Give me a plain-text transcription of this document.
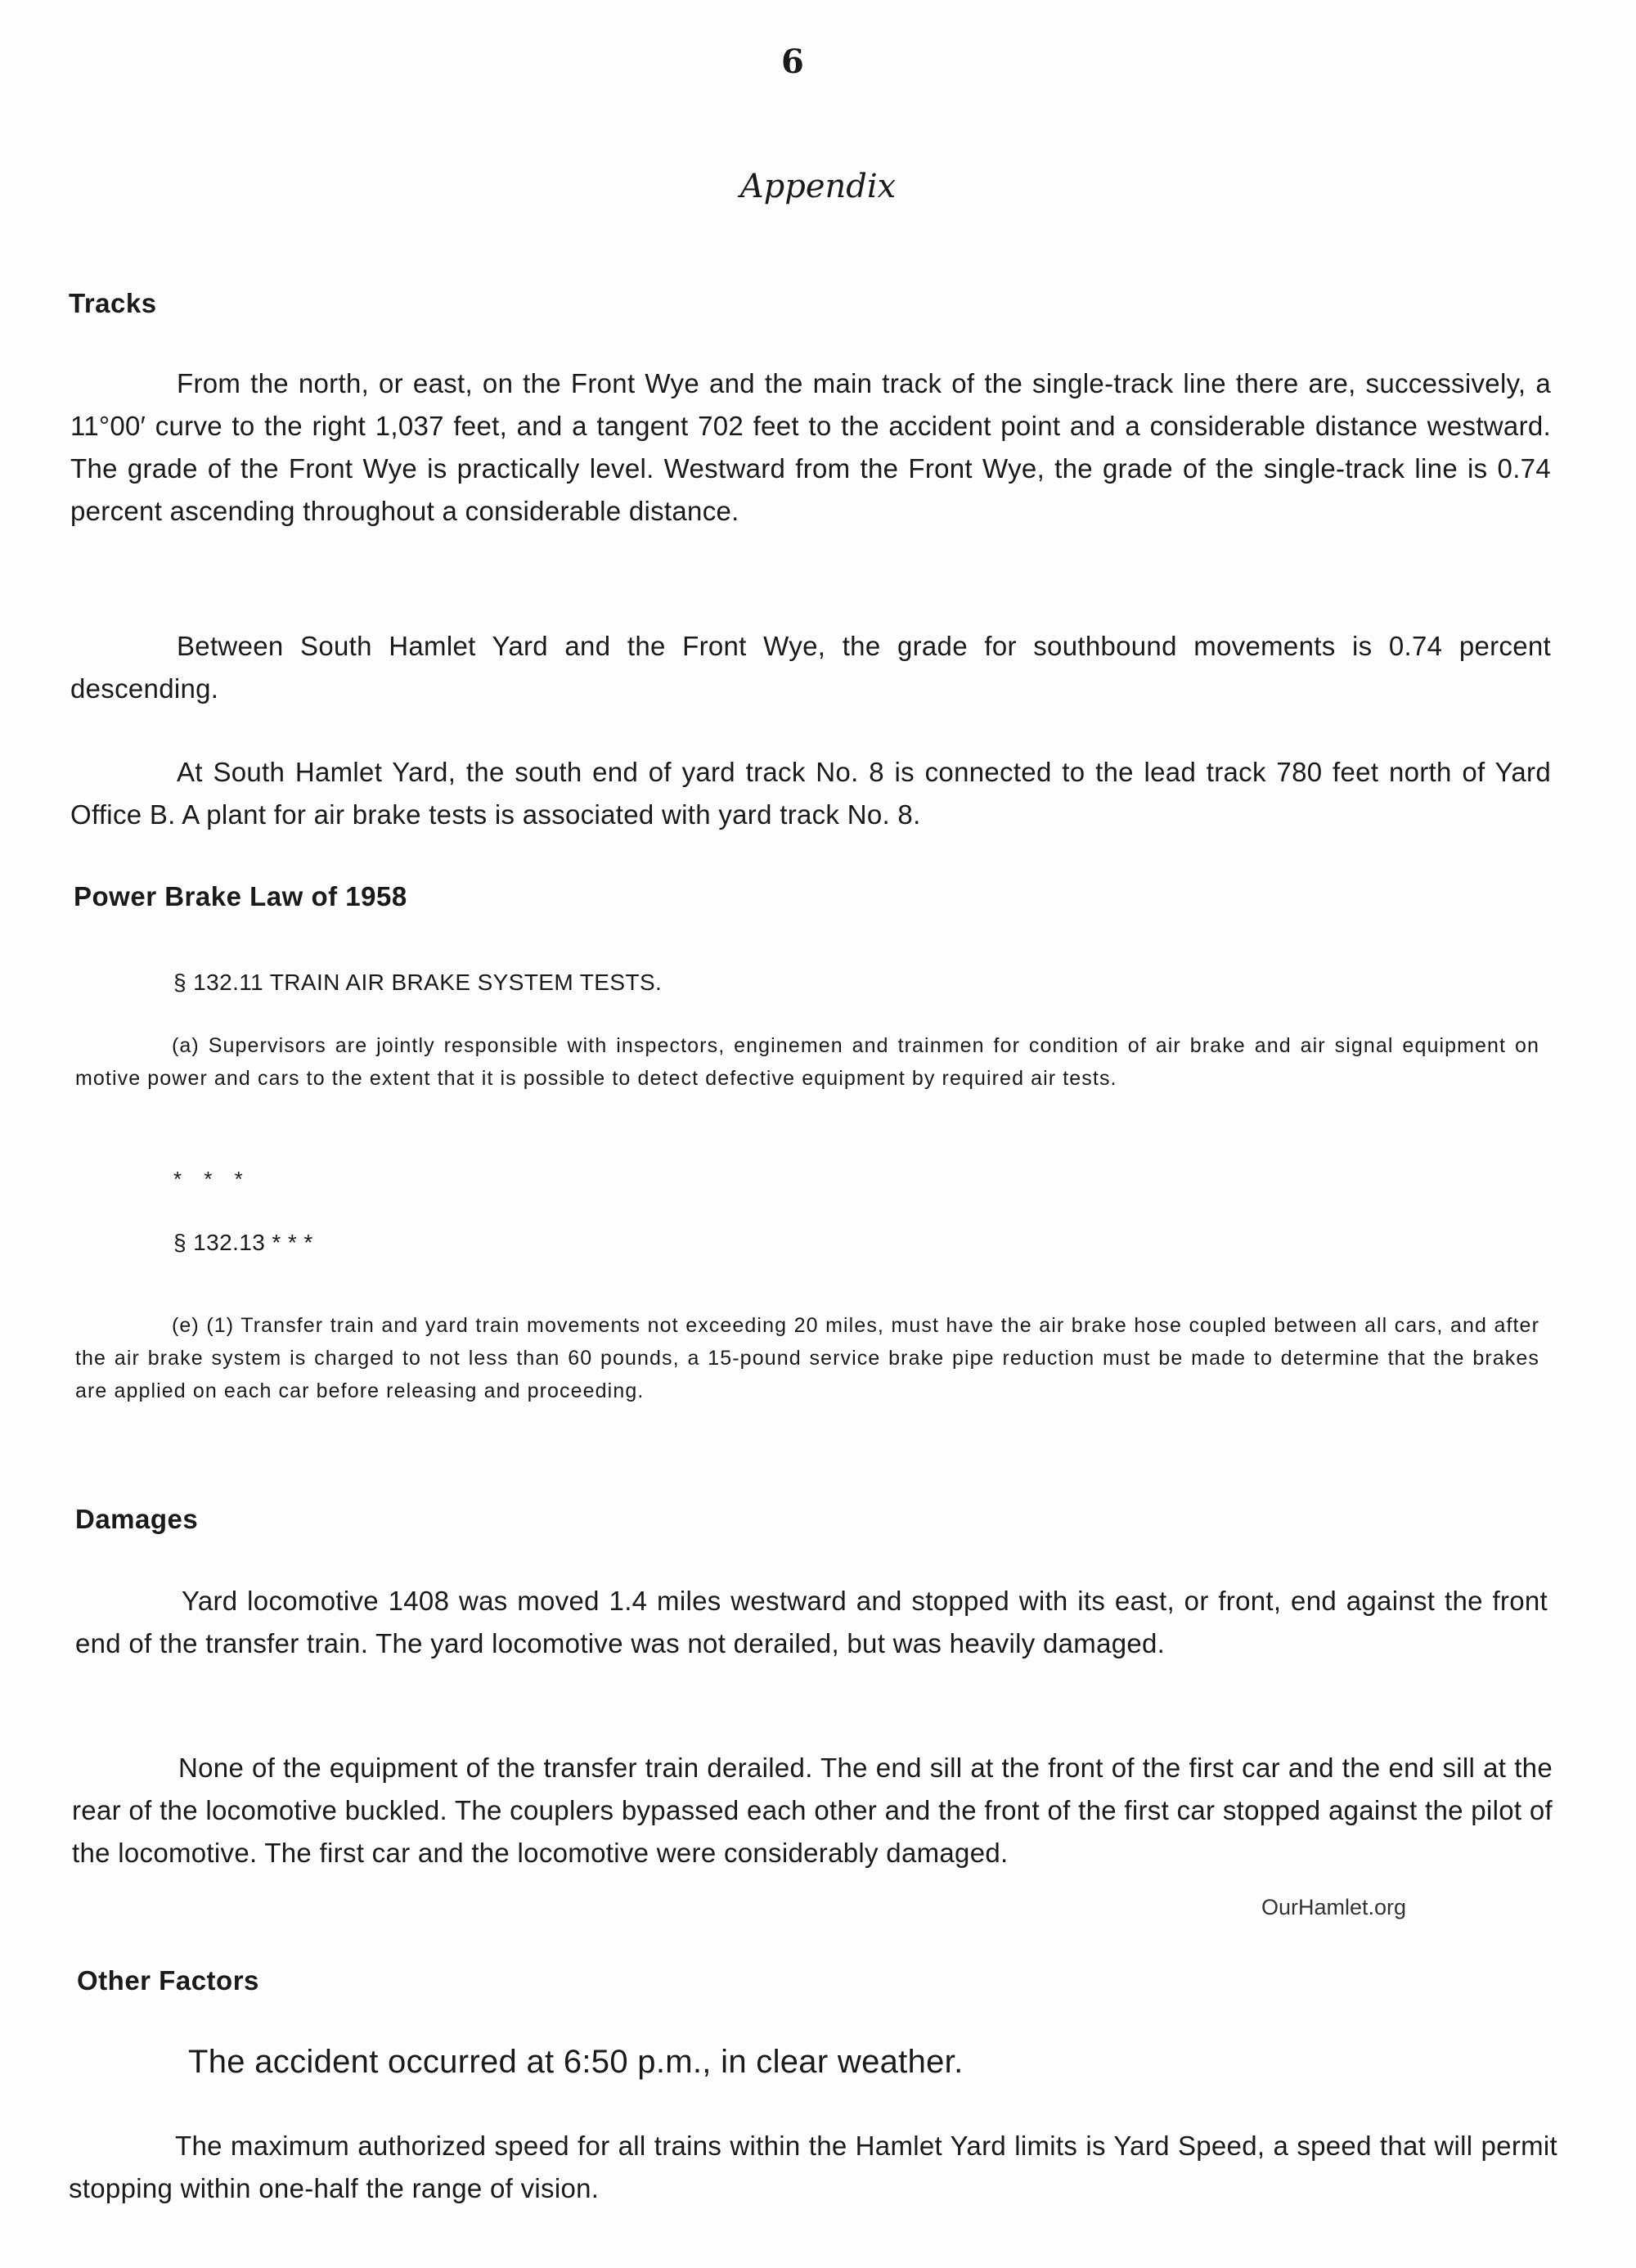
6
Appendix
Tracks

From the north, or east, on the Front Wye and the main track of the single-track line there are, successively, a 11°00′ curve to the right 1,037 feet, and a tangent 702 feet to the accident point and a considerable distance westward. The grade of the Front Wye is practically level. Westward from the Front Wye, the grade of the single-track line is 0.74 percent ascending throughout a considerable distance.

Between South Hamlet Yard and the Front Wye, the grade for southbound movements is 0.74 percent descending.

At South Hamlet Yard, the south end of yard track No. 8 is connected to the lead track 780 feet north of Yard Office B. A plant for air brake tests is associated with yard track No. 8.

Power Brake Law of 1958
§ 132.11 TRAIN AIR BRAKE SYSTEM TESTS.

(a) Supervisors are jointly responsible with inspectors, enginemen and trainmen for condition of air brake and air signal equipment on motive power and cars to the extent that it is possible to detect defective equipment by required air tests.

* * *
§ 132.13 * * *

(e) (1) Transfer train and yard train movements not exceeding 20 miles, must have the air brake hose coupled between all cars, and after the air brake system is charged to not less than 60 pounds, a 15-pound service brake pipe reduction must be made to determine that the brakes are applied on each car before releasing and proceeding.

Damages

Yard locomotive 1408 was moved 1.4 miles westward and stopped with its east, or front, end against the front end of the transfer train. The yard locomotive was not derailed, but was heavily damaged.

None of the equipment of the transfer train derailed. The end sill at the front of the first car and the end sill at the rear of the locomotive buckled. The couplers bypassed each other and the front of the first car stopped against the pilot of the locomotive. The first car and the locomotive were considerably damaged.

OurHamlet.org
Other Factors

The accident occurred at 6:50 p.m., in clear weather.

The maximum authorized speed for all trains within the Hamlet Yard limits is Yard Speed, a speed that will permit stopping within one-half the range of vision.
